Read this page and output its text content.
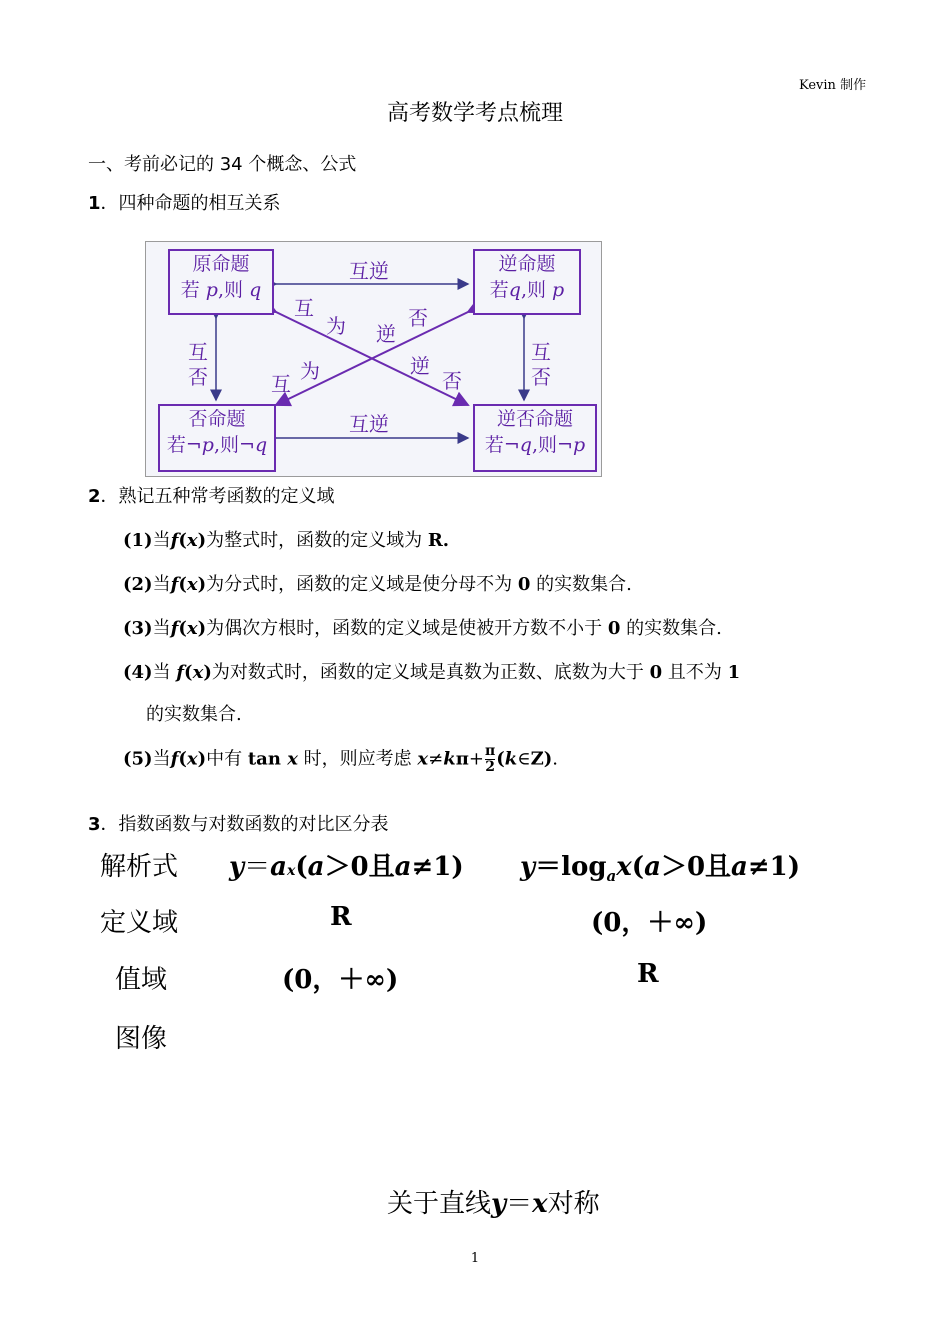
Kevin 制作
高考数学考点梳理
一、考前必记的 34 个概念、公式
1．四种命题的相互关系
原命题
若 p,则 q
逆命题
若q,则 p
否命题
若¬p,则¬q
逆否命题
若¬q,则¬p
互逆
互逆
互
否
互
否
互
为 逆
否
为	逆
互	否
2．熟记五种常考函数的定义域
(1)当f(x)为整式时，函数的定义域为 R.
(2)当f(x)为分式时，函数的定义域是使分母不为 0 的实数集合.
(3)当f(x)为偶次方根时，函数的定义域是使被开方数不小于 0 的实数集合.
(4)当 f(x)为对数式时，函数的定义域是真数为正数、底数为大于 0 且不为 1
的实数集合.
(5)当f(x)中有 tan x 时，则应考虑 $x\ne k\pi+ \frac{\pi}{2}$ (k∈Z).
3．指数函数与对数函数的对比区分表
解析式 y＝ax(a＞0且a≠1) $y=\log_ax(a>0$且a≠1)
定义域	R	(0，＋∞)
值域	(0，＋∞)	R
图像
关于直线y＝x对称
1
